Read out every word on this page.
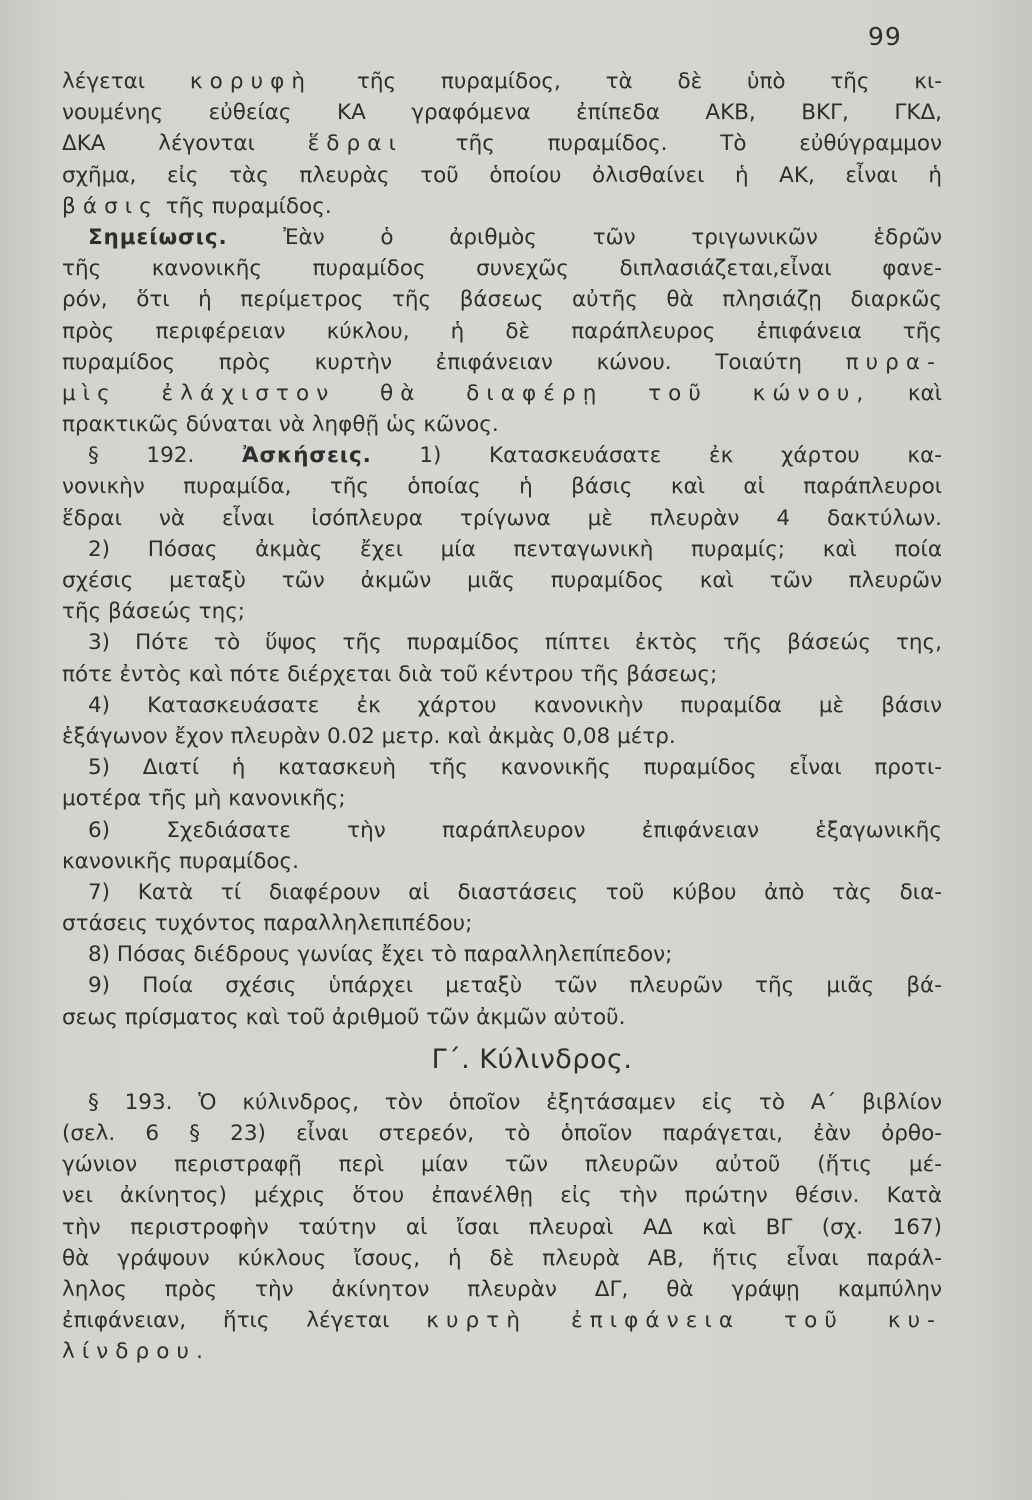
99
λέγεται κορυφὴ τῆς πυραμίδος, τὰ δὲ ὑπὸ τῆς κι-
νουμένης εὐθείας ΚΑ γραφόμενα ἐπίπεδα ΑΚΒ, ΒΚΓ, ΓΚΔ,
ΔΚΑ λέγονται ἕδραι τῆς πυραμίδος. Τὸ εὐθύγραμμον
σχῆμα, εἰς τὰς πλευρὰς τοῦ ὁποίου ὀλισθαίνει ἡ ΑΚ, εἶναι ἡ
βάσις τῆς πυραμίδος.
Σημείωσις. Ἐὰν ὁ ἀριθμὸς τῶν τριγωνικῶν ἑδρῶν
τῆς κανονικῆς πυραμίδος συνεχῶς διπλασιάζεται,εἶναι φανε-
ρόν, ὅτι ἡ περίμετρος τῆς βάσεως αὐτῆς θὰ πλησιάζῃ διαρκῶς
πρὸς περιφέρειαν κύκλου, ἡ δὲ παράπλευρος ἐπιφάνεια τῆς
πυραμίδος πρὸς κυρτὴν ἐπιφάνειαν κώνου. Τοιαύτη πυρα-
μὶς ἐλάχιστον θὰ διαφέρῃ τοῦ κώνου, καὶ
πρακτικῶς δύναται νὰ ληφθῇ ὡς κῶνος.
§ 192. Ἀσκήσεις. 1) Κατασκευάσατε ἐκ χάρτου κα-
νονικὴν πυραμίδα, τῆς ὁποίας ἡ βάσις καὶ αἱ παράπλευροι
ἕδραι νὰ εἶναι ἰσόπλευρα τρίγωνα μὲ πλευρὰν 4 δακτύλων.
2) Πόσας ἀκμὰς ἔχει μία πενταγωνικὴ πυραμίς; καὶ ποία
σχέσις μεταξὺ τῶν ἀκμῶν μιᾶς πυραμίδος καὶ τῶν πλευρῶν
τῆς βάσεώς της;
3) Πότε τὸ ὕψος τῆς πυραμίδος πίπτει ἐκτὸς τῆς βάσεώς της,
πότε ἐντὸς καὶ πότε διέρχεται διὰ τοῦ κέντρου τῆς βάσεως;
4) Κατασκευάσατε ἐκ χάρτου κανονικὴν πυραμίδα μὲ βάσιν
ἑξάγωνον ἔχον πλευρὰν 0.02 μετρ. καὶ ἀκμὰς 0,08 μέτρ.
5) Διατί ἡ κατασκευὴ τῆς κανονικῆς πυραμίδος εἶναι προτι-
μοτέρα τῆς μὴ κανονικῆς;
6) Σχεδιάσατε τὴν παράπλευρον ἐπιφάνειαν ἑξαγωνικῆς
κανονικῆς πυραμίδος.
7) Κατὰ τί διαφέρουν αἱ διαστάσεις τοῦ κύβου ἀπὸ τὰς δια-
στάσεις τυχόντος παραλληλεπιπέδου;
8) Πόσας διέδρους γωνίας ἔχει τὸ παραλληλεπίπεδον;
9) Ποία σχέσις ὑπάρχει μεταξὺ τῶν πλευρῶν τῆς μιᾶς βά-
σεως πρίσματος καὶ τοῦ ἀριθμοῦ τῶν ἀκμῶν αὐτοῦ.
Γ΄. Κύλινδρος.
§ 193. Ὁ κύλινδρος, τὸν ὁποῖον ἐξητάσαμεν εἰς τὸ Α΄ βιβλίον
(σελ. 6 § 23) εἶναι στερεόν, τὸ ὁποῖον παράγεται, ἐὰν ὀρθο-
γώνιον περιστραφῇ περὶ μίαν τῶν πλευρῶν αὐτοῦ (ἥτις μέ-
νει ἀκίνητος) μέχρις ὅτου ἐπανέλθῃ εἰς τὴν πρώτην θέσιν. Κατὰ
τὴν περιστροφὴν ταύτην αἱ ἴσαι πλευραὶ ΑΔ καὶ ΒΓ (σχ. 167)
θὰ γράψουν κύκλους ἴσους, ἡ δὲ πλευρὰ ΑΒ, ἥτις εἶναι παράλ-
ληλος πρὸς τὴν ἀκίνητον πλευρὰν ΔΓ, θὰ γράψῃ καμπύλην
ἐπιφάνειαν, ἥτις λέγεται κυρτὴ ἐπιφάνεια τοῦ κυ-
λίνδρου.
